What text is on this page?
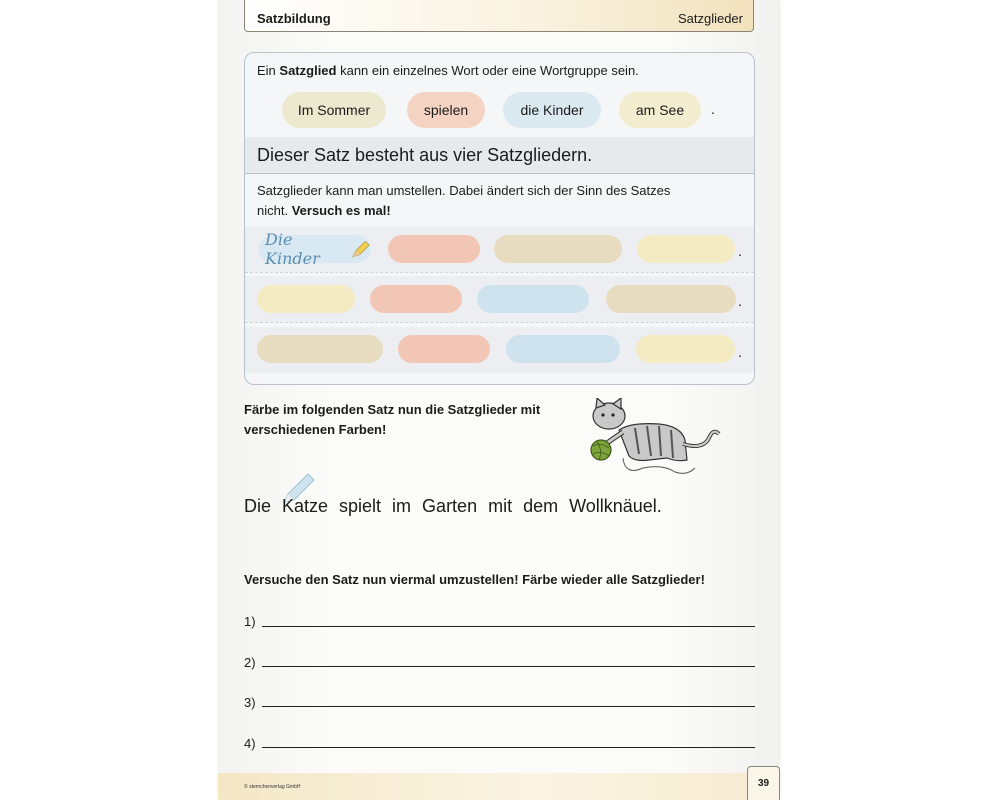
Satzbildung	Satzglieder
Ein Satzglied kann ein einzelnes Wort oder eine Wortgruppe sein.
Im Sommer	spielen	die Kinder	am See	.
Dieser Satz besteht aus vier Satzgliedern.
Satzglieder kann man umstellen. Dabei ändert sich der Sinn des Satzes nicht. Versuch es mal!
Die Kinder	.
.
.
Färbe im folgenden Satz nun die Satzglieder mit verschiedenen Farben!
Die Katze spielt im Garten mit dem Wollknäuel.
Versuche den Satz nun viermal umzustellen! Färbe wieder alle Satzglieder!
1)
2)
3)
4)
© sternchenverlag GmbH	39
